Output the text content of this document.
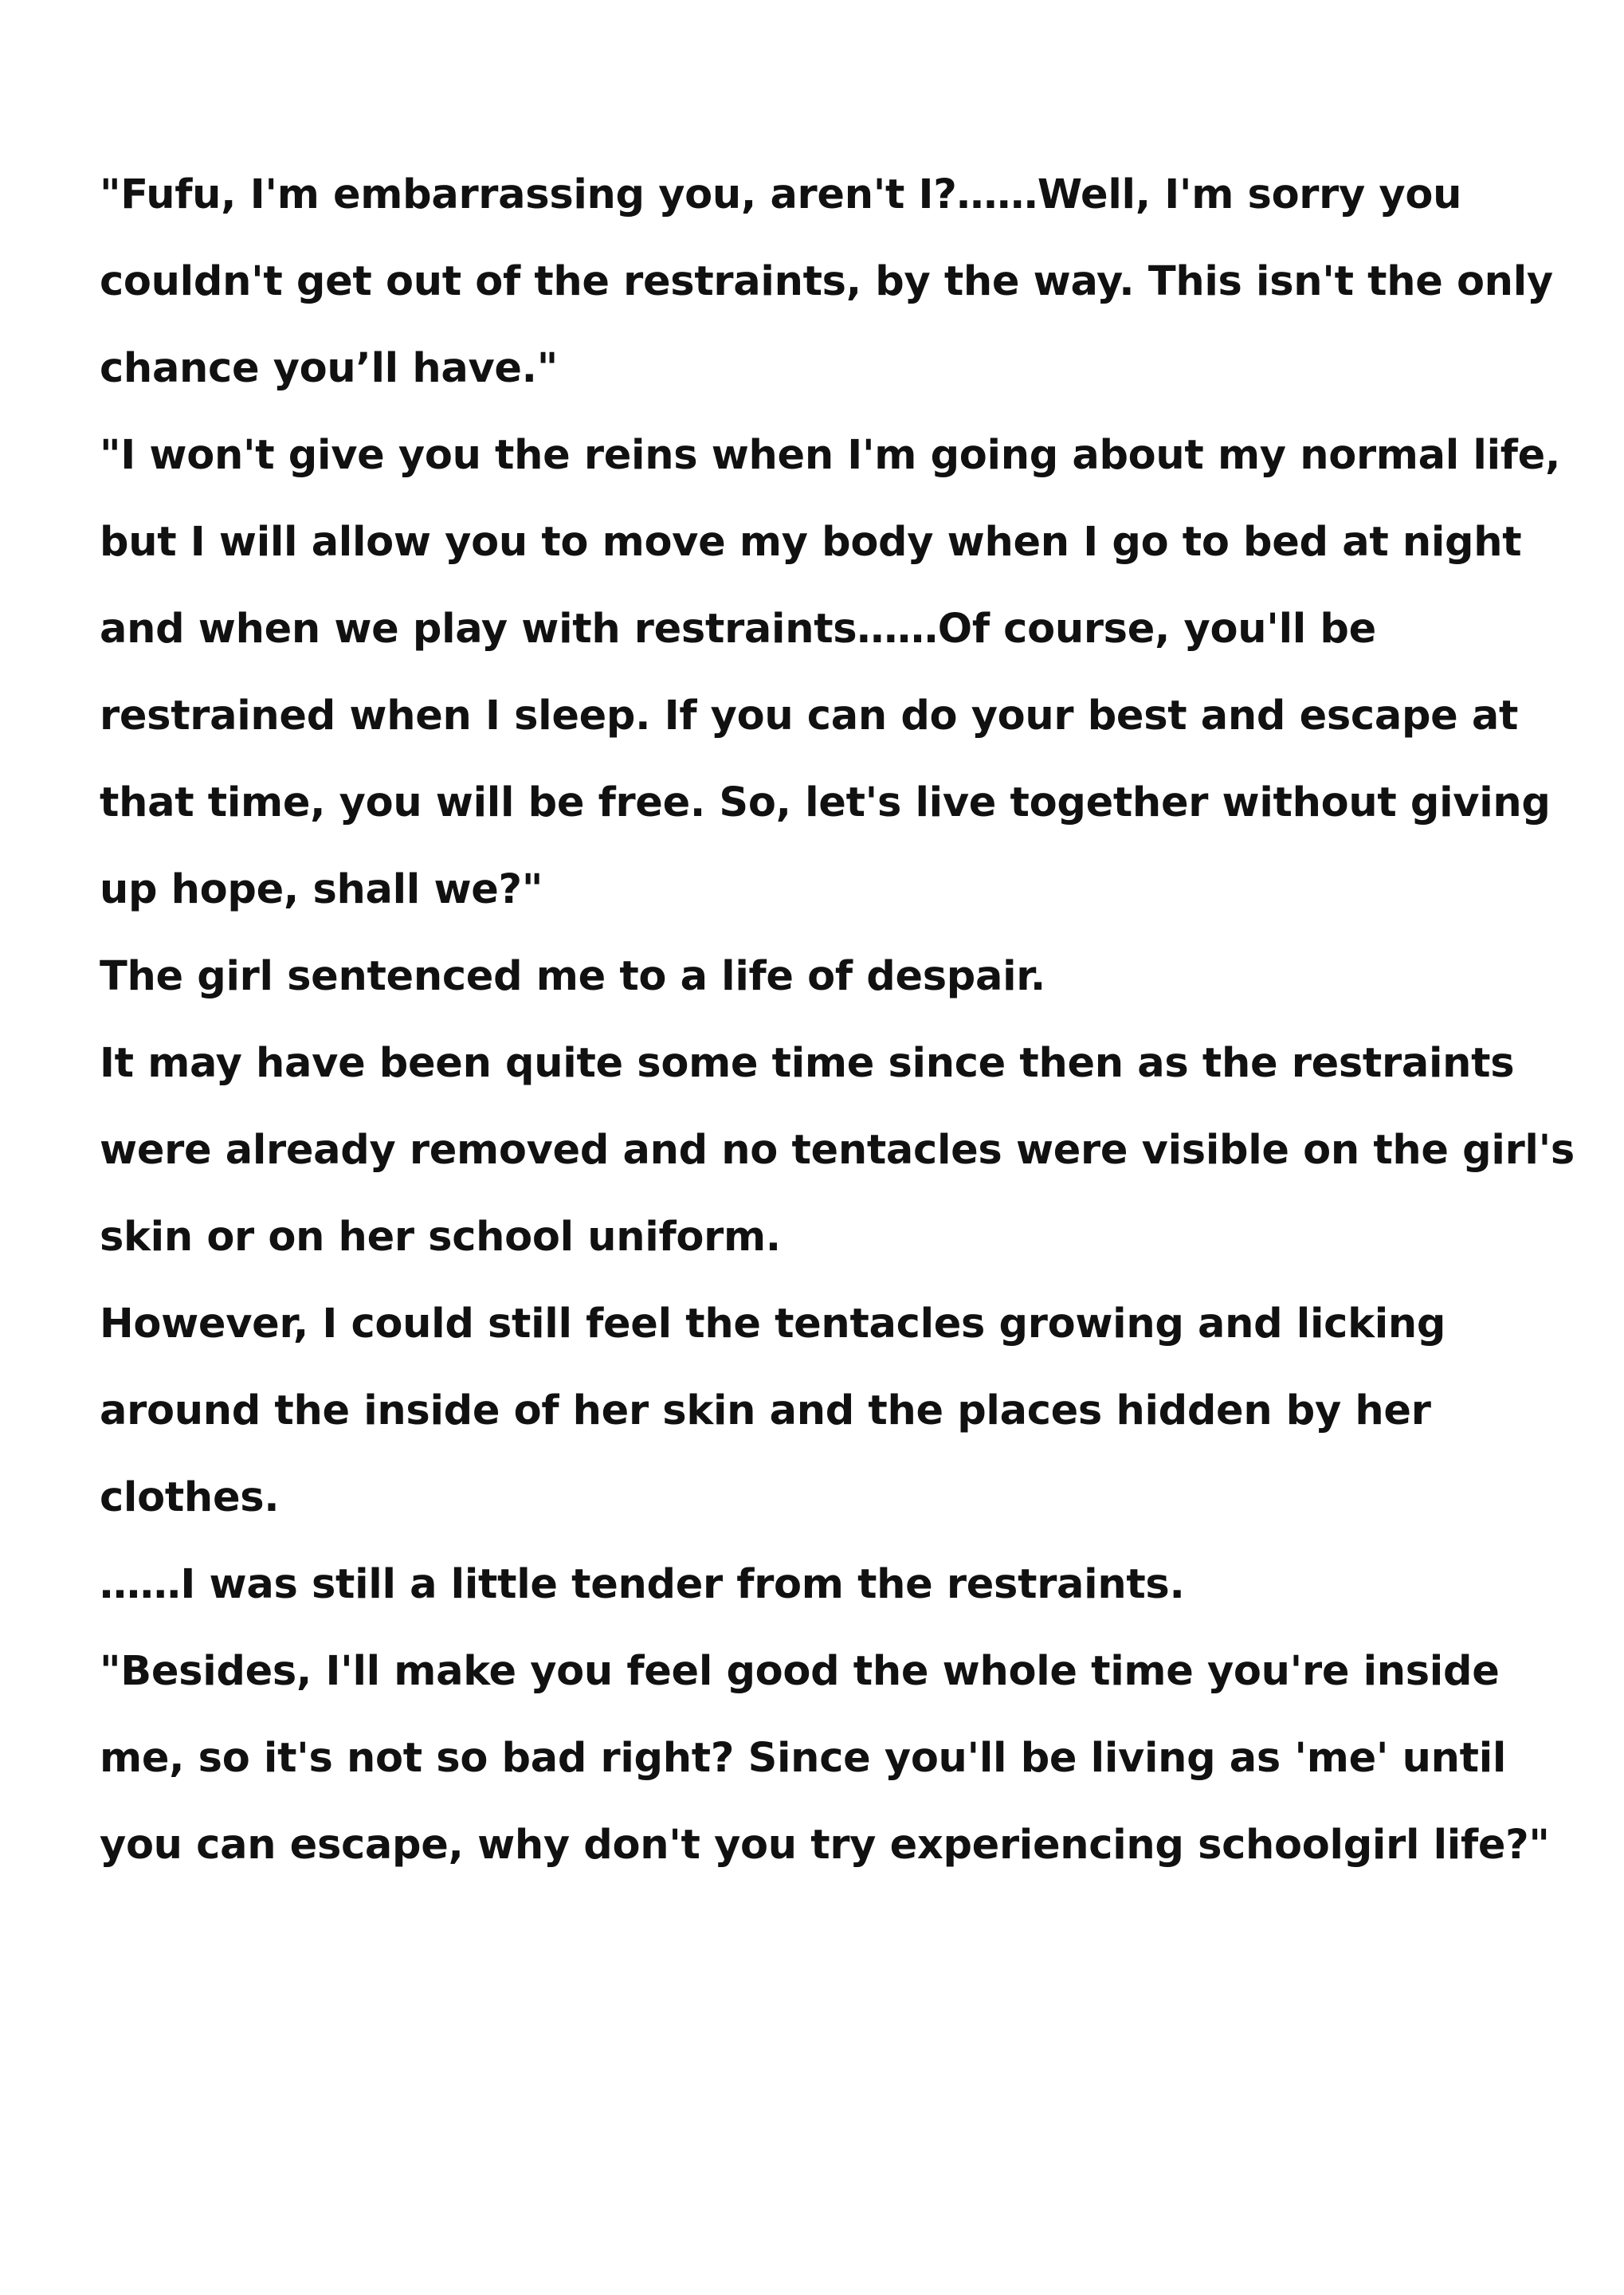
"Fufu, I'm embarrassing you, aren't I?……Well, I'm sorry you couldn't get out of the restraints, by the way. This isn't the only chance you’ll have."

"I won't give you the reins when I'm going about my normal life, but I will allow you to move my body when I go to bed at night and when we play with restraints……Of course, you'll be restrained when I sleep. If you can do your best and escape at that time, you will be free. So, let's live together without giving up hope, shall we?"

The girl sentenced me to a life of despair.

It may have been quite some time since then as the restraints were already removed and no tentacles were visible on the girl's skin or on her school uniform.

However, I could still feel the tentacles growing and licking around the inside of her skin and the places hidden by her clothes.

……I was still a little tender from the restraints.

"Besides, I'll make you feel good the whole time you're inside me, so it's not so bad right? Since you'll be living as 'me' until you can escape, why don't you try experiencing schoolgirl life?"
